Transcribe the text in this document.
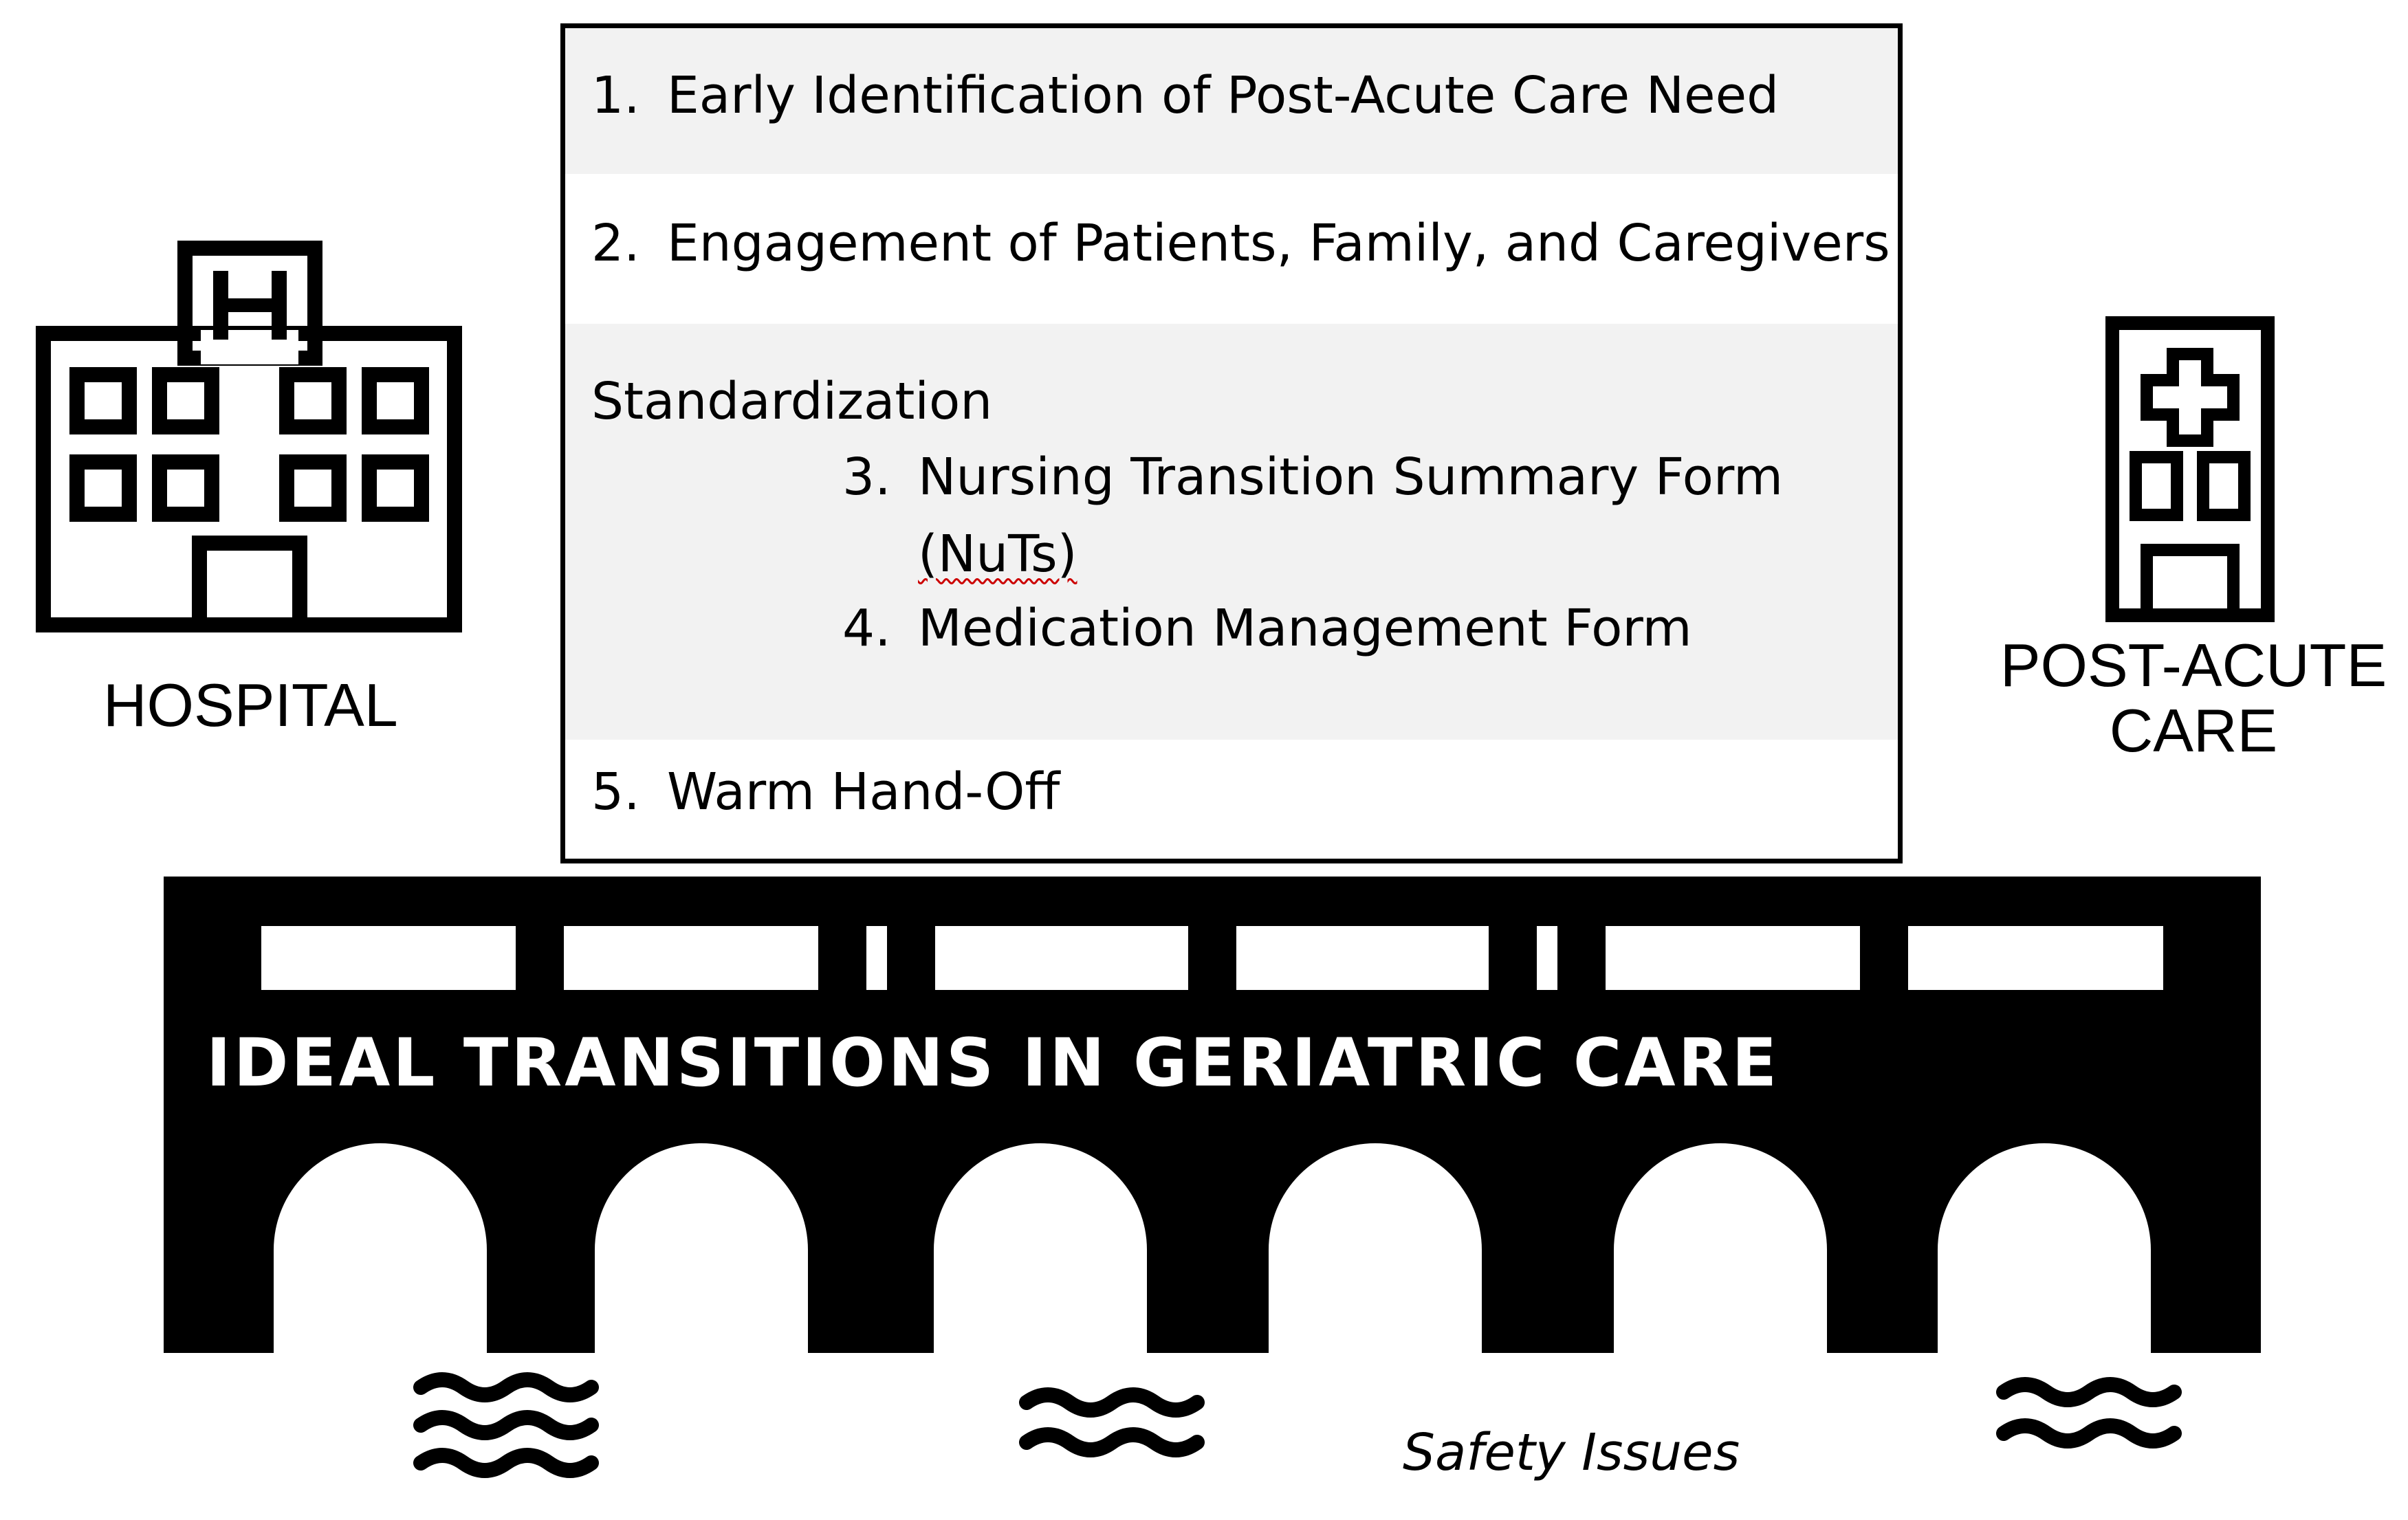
HOSPITAL
POST-ACUTE
CARE
1. Early Identification of Post-Acute Care Need
2. Engagement of Patients, Family, and Caregivers
Standardization
3. Nursing Transition Summary Form
(NuTs)
4. Medication Management Form
5. Warm Hand-Off
IDEAL TRANSITIONS IN GERIATRIC CARE
Safety Issues
